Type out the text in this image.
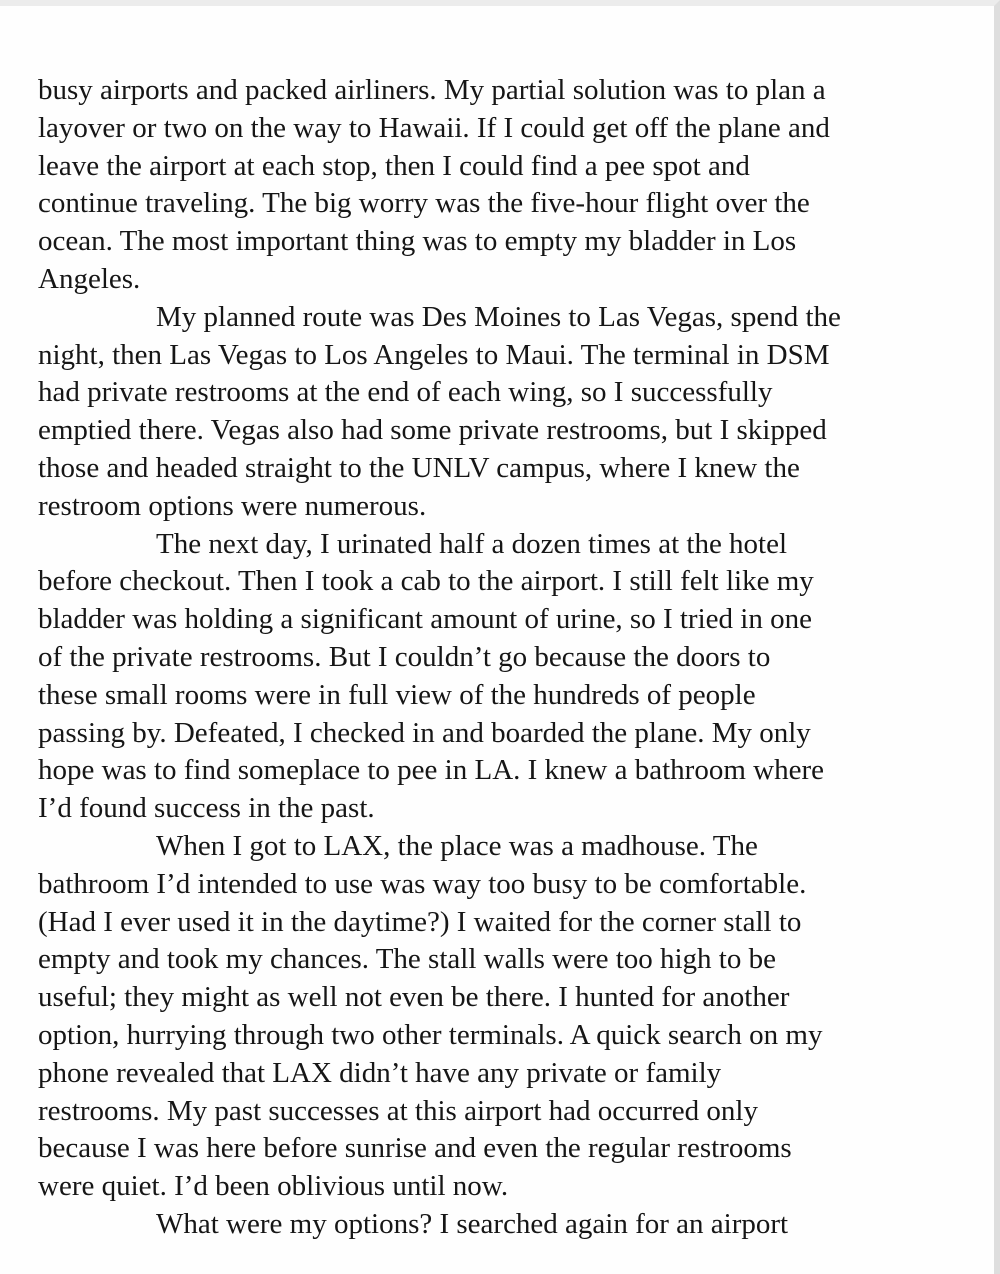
busy airports and packed airliners. My partial solution was to plan a
layover or two on the way to Hawaii. If I could get off the plane and
leave the airport at each stop, then I could find a pee spot and
continue traveling. The big worry was the five-hour flight over the
ocean. The most important thing was to empty my bladder in Los
Angeles.

My planned route was Des Moines to Las Vegas, spend the
night, then Las Vegas to Los Angeles to Maui. The terminal in DSM
had private restrooms at the end of each wing, so I successfully
emptied there. Vegas also had some private restrooms, but I skipped
those and headed straight to the UNLV campus, where I knew the
restroom options were numerous.

The next day, I urinated half a dozen times at the hotel
before checkout. Then I took a cab to the airport. I still felt like my
bladder was holding a significant amount of urine, so I tried in one
of the private restrooms. But I couldn’t go because the doors to
these small rooms were in full view of the hundreds of people
passing by. Defeated, I checked in and boarded the plane. My only
hope was to find someplace to pee in LA. I knew a bathroom where
I’d found success in the past.

When I got to LAX, the place was a madhouse. The
bathroom I’d intended to use was way too busy to be comfortable.
(Had I ever used it in the daytime?) I waited for the corner stall to
empty and took my chances. The stall walls were too high to be
useful; they might as well not even be there. I hunted for another
option, hurrying through two other terminals. A quick search on my
phone revealed that LAX didn’t have any private or family
restrooms. My past successes at this airport had occurred only
because I was here before sunrise and even the regular restrooms
were quiet. I’d been oblivious until now.

What were my options? I searched again for an airport
